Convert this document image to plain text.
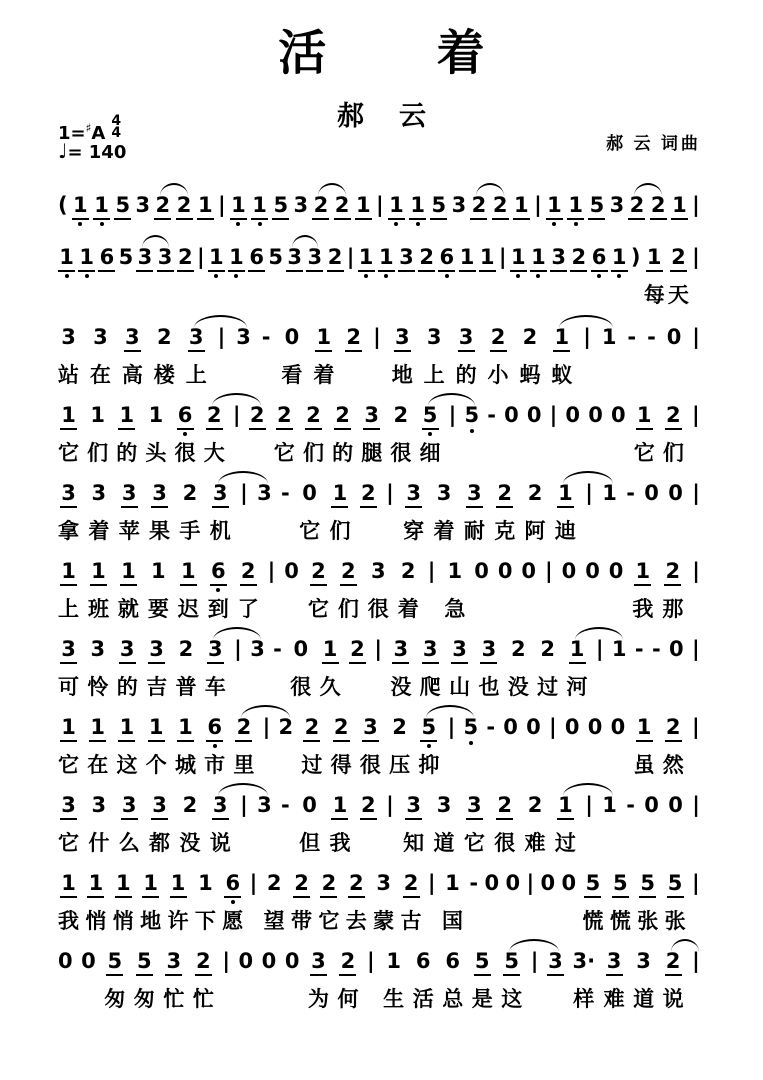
活着
郝云
1=♯A
4
4
♩= 140	郝 云 词曲
( 1 1 5 3 2 2 1 | 1 1 5 3 2 2 1 | 1 1 5 3 2 2 1 | 1 1 5 3 2 2 1 |
1 1 6 5 3 3 2 | 1 1 6 5 3 3 2 | 1 1 3 2 6 1 1 | 1 1 3 2 6 1 ) 1
每
2
天
|
3
站
3
在
3
高
2
楼
3
上
| 3 - 0
看
1
着
2 | 3
地
3
上
3
的
2
小
2
蚂
1
蚁
| 1 - - 0 |
1
它
1
们
1
的
1
头
6
很
2
大
| 2 2
它
2
们
2
的
3
腿
2
很
5
细
| 5 - 0 0 | 0 0 0 1
它
2
们
|
3
拿
3
着
3
苹
3
果
2
手
3
机
| 3 - 0
它
1
们
2 | 3
穿
3
着
3
耐
2
克
2
阿
1
迪
| 1 - 0 0 |
1
上
1
班
1
就
1
要
1
迟
6
到
2
了
| 0 2
它
2
们
3
很
2
着
| 1
急
0 0 0 | 0 0 0 1
我
2
那
|
3
可
3
怜
3
的
3
吉
2
普
3
车
| 3 - 0
很
1
久
2 | 3
没
3
爬
3
山
3
也
2
没
2
过
1
河
| 1 - - 0 |
1
它
1
在
1
这
1
个
1
城
6
市
2
里
| 2 2
过
2
得
3
很
2
压
5
抑
| 5 - 0 0 | 0 0 0 1
虽
2
然
|
3
它
3
什
3
么
3
都
2
没
3
说
| 3 - 0
但
1
我
2 | 3
知
3
道
3
它
2
很
2
难
1
过
| 1 - 0 0 |
1
我
1
悄
1
悄
1
地
1
许
1
下
6
愿
| 2
望
2
带
2
它
2
去
3
蒙
2
古
| 1
国
- 0 0 | 0 0 5
慌
5
慌
5
张
5
张
|
0 0 5
匆
5
匆
3
忙
2
忙
| 0 0 0 3
为
2
何
| 1
生
6
活
6
总
5
是
5
这
| 3 3·
样
3
难
3
道
2
说
|
